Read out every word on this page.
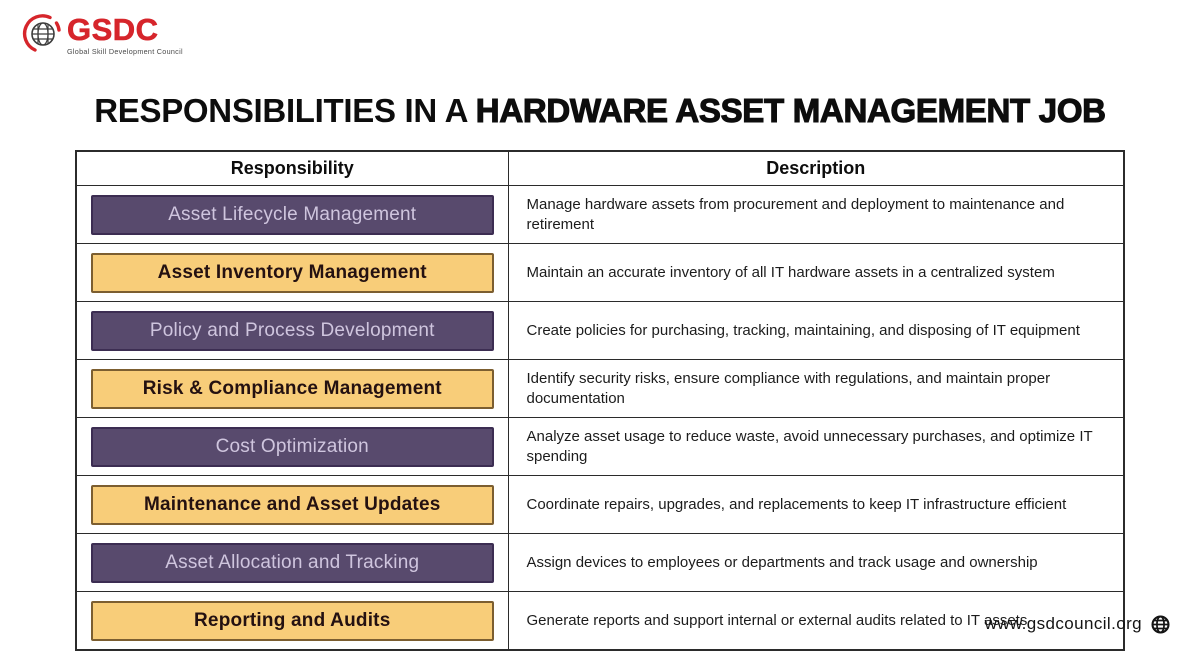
GSDC
Global Skill Development Council
RESPONSIBILITIES IN A HARDWARE ASSET MANAGEMENT JOB
Responsibility	Description

Asset Lifecycle Management	Manage hardware assets from procurement and deployment to maintenance and retirement

Asset Inventory Management	Maintain an accurate inventory of all IT hardware assets in a centralized system

Policy and Process Development	Create policies for purchasing, tracking, maintaining, and disposing of IT equipment

Risk & Compliance Management	Identify security risks, ensure compliance with regulations, and maintain proper documentation

Cost Optimization	Analyze asset usage to reduce waste, avoid unnecessary purchases, and optimize IT spending

Maintenance and Asset Updates	Coordinate repairs, upgrades, and replacements to keep IT infrastructure efficient

Asset Allocation and Tracking	Assign devices to employees or departments and track usage and ownership

Reporting and Audits	Generate reports and support internal or external audits related to IT assets
www.gsdcouncil.org
